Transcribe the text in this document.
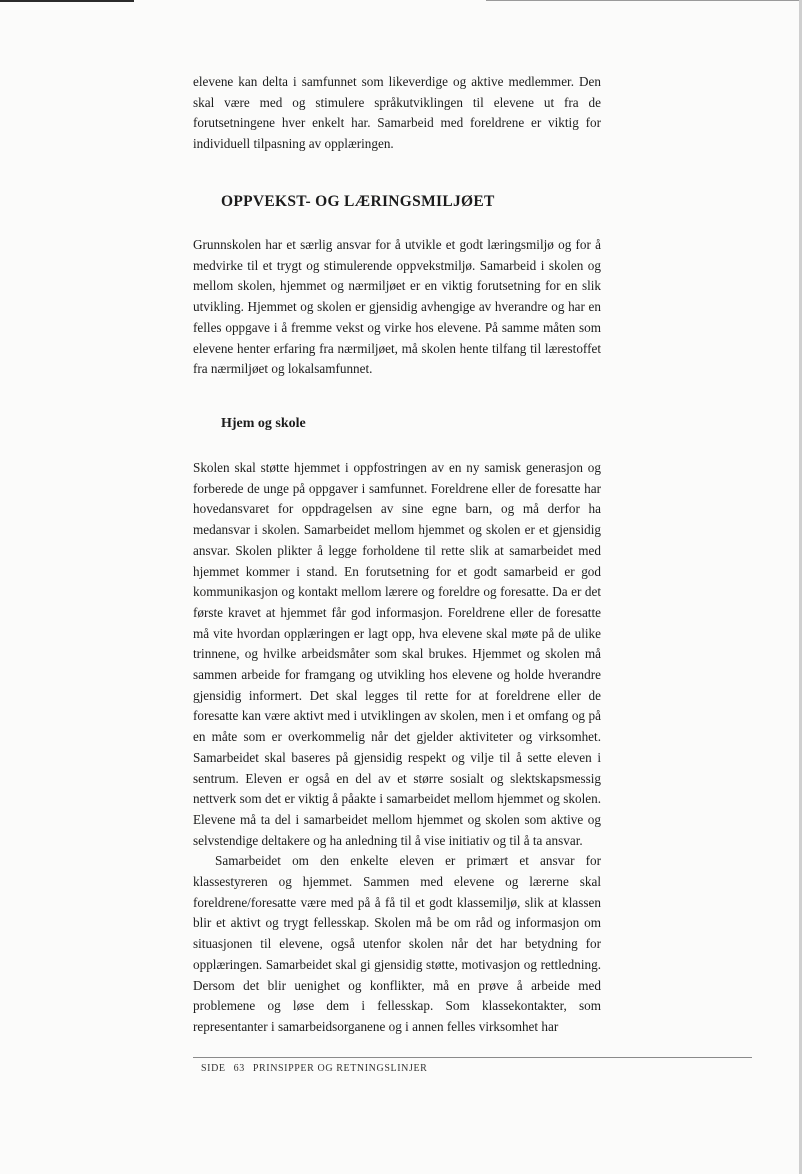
elevene kan delta i samfunnet som likeverdige og aktive medlemmer. Den skal være med og stimulere språkutviklingen til elevene ut fra de forutsetningene hver enkelt har. Samarbeid med foreldrene er viktig for individuell tilpasning av opplæringen.

OPPVEKST- OG LÆRINGSMILJØET

Grunnskolen har et særlig ansvar for å utvikle et godt læringsmiljø og for å medvirke til et trygt og stimulerende oppvekstmiljø. Samarbeid i skolen og mellom skolen, hjemmet og nærmiljøet er en viktig forutsetning for en slik utvikling. Hjemmet og skolen er gjensidig avhengige av hverandre og har en felles oppgave i å fremme vekst og virke hos elevene. På samme måten som elevene henter erfaring fra nærmiljøet, må skolen hente tilfang til lærestoffet fra nærmiljøet og lokalsamfunnet.

Hjem og skole

Skolen skal støtte hjemmet i oppfostringen av en ny samisk generasjon og forberede de unge på oppgaver i samfunnet. Foreldrene eller de foresatte har hovedansvaret for oppdragelsen av sine egne barn, og må derfor ha medansvar i skolen. Samarbeidet mellom hjemmet og skolen er et gjensidig ansvar. Skolen plikter å legge forholdene til rette slik at samarbeidet med hjemmet kommer i stand. En forutsetning for et godt samarbeid er god kommunikasjon og kontakt mellom lærere og foreldre og foresatte. Da er det første kravet at hjemmet får god informasjon. Foreldrene eller de foresatte må vite hvordan opplæringen er lagt opp, hva elevene skal møte på de ulike trinnene, og hvilke arbeidsmåter som skal brukes. Hjemmet og skolen må sammen arbeide for framgang og utvikling hos elevene og holde hverandre gjensidig informert. Det skal legges til rette for at foreldrene eller de foresatte kan være aktivt med i utviklingen av skolen, men i et omfang og på en måte som er overkommelig når det gjelder aktiviteter og virksomhet. Samarbeidet skal baseres på gjensidig respekt og vilje til å sette eleven i sentrum. Eleven er også en del av et større sosialt og slektskapsmessig nettverk som det er viktig å påakte i samarbeidet mellom hjemmet og skolen. Elevene må ta del i samarbeidet mellom hjemmet og skolen som aktive og selvstendige deltakere og ha anledning til å vise initiativ og til å ta ansvar.

Samarbeidet om den enkelte eleven er primært et ansvar for klassestyreren og hjemmet. Sammen med elevene og lærerne skal foreldrene/foresatte være med på å få til et godt klassemiljø, slik at klassen blir et aktivt og trygt fellesskap. Skolen må be om råd og informasjon om situasjonen til elevene, også utenfor skolen når det har betydning for opplæringen. Samarbeidet skal gi gjensidig støtte, motivasjon og rettledning. Dersom det blir uenighet og konflikter, må en prøve å arbeide med problemene og løse dem i fellesskap. Som klassekontakter, som representanter i samarbeidsorganene og i annen felles virksomhet har

SIDE 63 PRINSIPPER OG RETNINGSLINJER
